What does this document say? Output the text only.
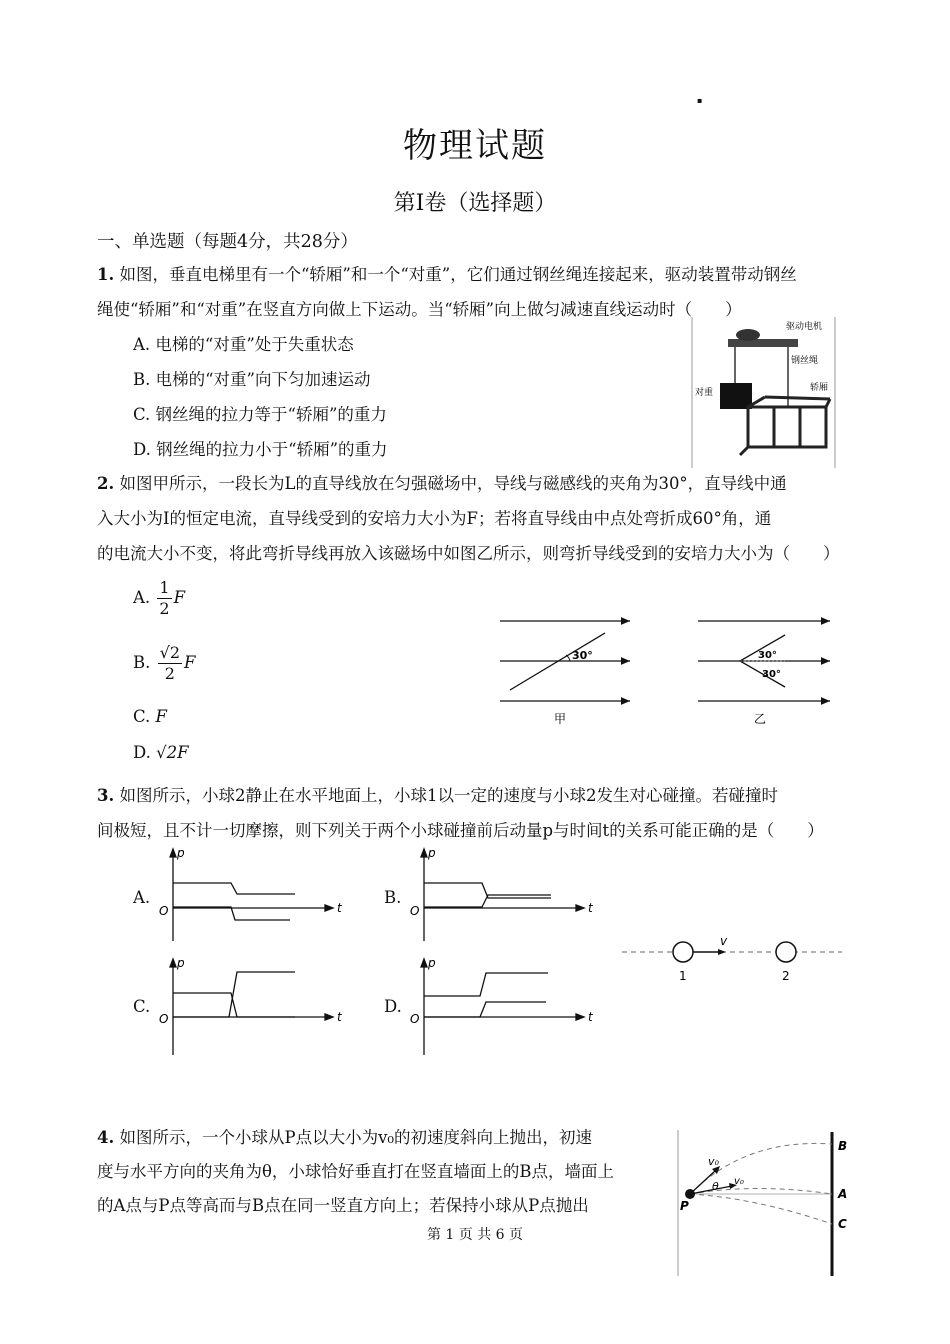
▪
物理试题
第Ⅰ卷（选择题）
一、单选题（每题4分，共28分）
1. 如图，垂直电梯里有一个“轿厢”和一个“对重”，它们通过钢丝绳连接起来，驱动装置带动钢丝
绳使“轿厢”和“对重”在竖直方向做上下运动。当“轿厢”向上做匀减速直线运动时（　　）
A. 电梯的“对重”处于失重状态
B. 电梯的“对重”向下匀加速运动
C. 钢丝绳的拉力等于“轿厢”的重力
D. 钢丝绳的拉力小于“轿厢”的重力
驱动电机
钢丝绳
对重	轿厢
2. 如图甲所示，一段长为L的直导线放在匀强磁场中，导线与磁感线的夹角为30°，直导线中通
入大小为I的恒定电流，直导线受到的安培力大小为F；若将直导线由中点处弯折成60°角，通
的电流大小不变，将此弯折导线再放入该磁场中如图乙所示，则弯折导线受到的安培力大小为（　　）
A. $\frac{1}{2}$ F
B. $\frac{√2}{2}$ F
C. F
D. √2F
30°	30°
30°
甲	乙
3. 如图所示，小球2静止在水平地面上，小球1以一定的速度与小球2发生对心碰撞。若碰撞时
间极短，且不计一切摩擦，则下列关于两个小球碰撞前后动量p与时间t的关系可能正确的是（　　）
A.	B.
C.	D.
p
t
O
p
t
O
p
t
O
p
t
O
v
1	2
4. 如图所示，一个小球从P点以大小为v₀的初速度斜向上抛出，初速
度与水平方向的夹角为θ，小球恰好垂直打在竖直墙面上的B点，墙面上
的A点与P点等高而与B点在同一竖直方向上；若保持小球从P点抛出
v₀
θ v₀
P
B
A
C
第 1 页 共 6 页
